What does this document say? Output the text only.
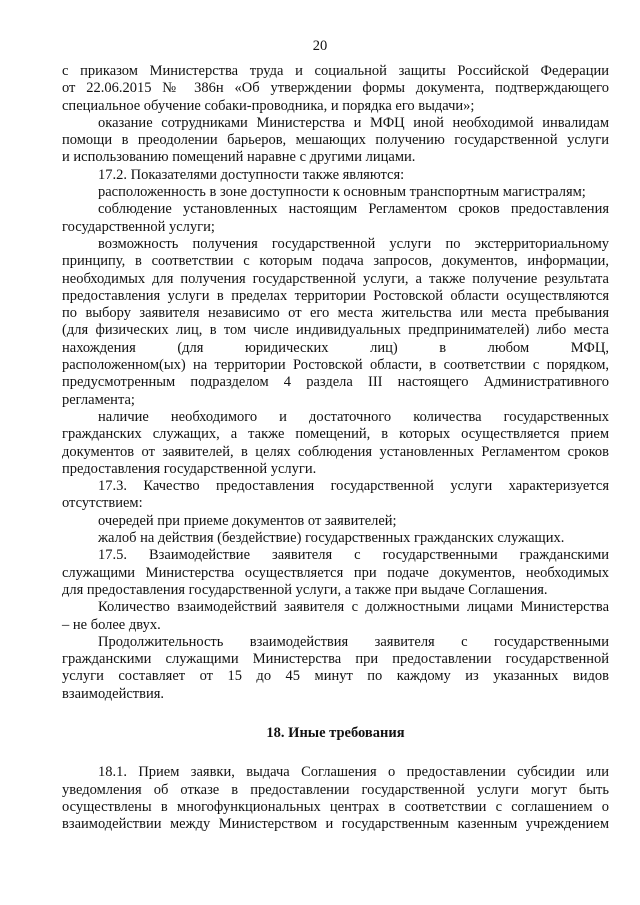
20
с приказом Министерства труда и социальной защиты Российской Федерации
от 22.06.2015 № 386н «Об утверждении формы документа, подтверждающего
специальное обучение собаки-проводника, и порядка его выдачи»;
оказание сотрудниками Министерства и МФЦ иной необходимой инвалидам
помощи в преодолении барьеров, мешающих получению государственной услуги
и использованию помещений наравне с другими лицами.
17.2. Показателями доступности также являются:
расположенность в зоне доступности к основным транспортным магистралям;
соблюдение установленных настоящим Регламентом сроков предоставления
государственной услуги;
возможность получения государственной услуги по экстерриториальному
принципу, в соответствии с которым подача запросов, документов, информации,
необходимых для получения государственной услуги, а также получение результата
предоставления услуги в пределах территории Ростовской области осуществляются
по выбору заявителя независимо от его места жительства или места пребывания
(для физических лиц, в том числе индивидуальных предпринимателей) либо места
нахождения (для юридических лиц) в любом МФЦ,
расположенном(ых) на территории Ростовской области, в соответствии с порядком,
предусмотренным подразделом 4 раздела III настоящего Административного
регламента;
наличие необходимого и достаточного количества государственных
гражданских служащих, а также помещений, в которых осуществляется прием
документов от заявителей, в целях соблюдения установленных Регламентом сроков
предоставления государственной услуги.
17.3. Качество предоставления государственной услуги характеризуется
отсутствием:
очередей при приеме документов от заявителей;
жалоб на действия (бездействие) государственных гражданских служащих.
17.5. Взаимодействие заявителя с государственными гражданскими
служащими Министерства осуществляется при подаче документов, необходимых
для предоставления государственной услуги, а также при выдаче Соглашения.
Количество взаимодействий заявителя с должностными лицами Министерства
– не более двух.
Продолжительность взаимодействия заявителя с государственными
гражданскими служащими Министерства при предоставлении государственной
услуги составляет от 15 до 45 минут по каждому из указанных видов
взаимодействия.
18. Иные требования
18.1. Прием заявки, выдача Соглашения о предоставлении субсидии или
уведомления об отказе в предоставлении государственной услуги могут быть
осуществлены в многофункциональных центрах в соответствии с соглашением о
взаимодействии между Министерством и государственным казенным учреждением
